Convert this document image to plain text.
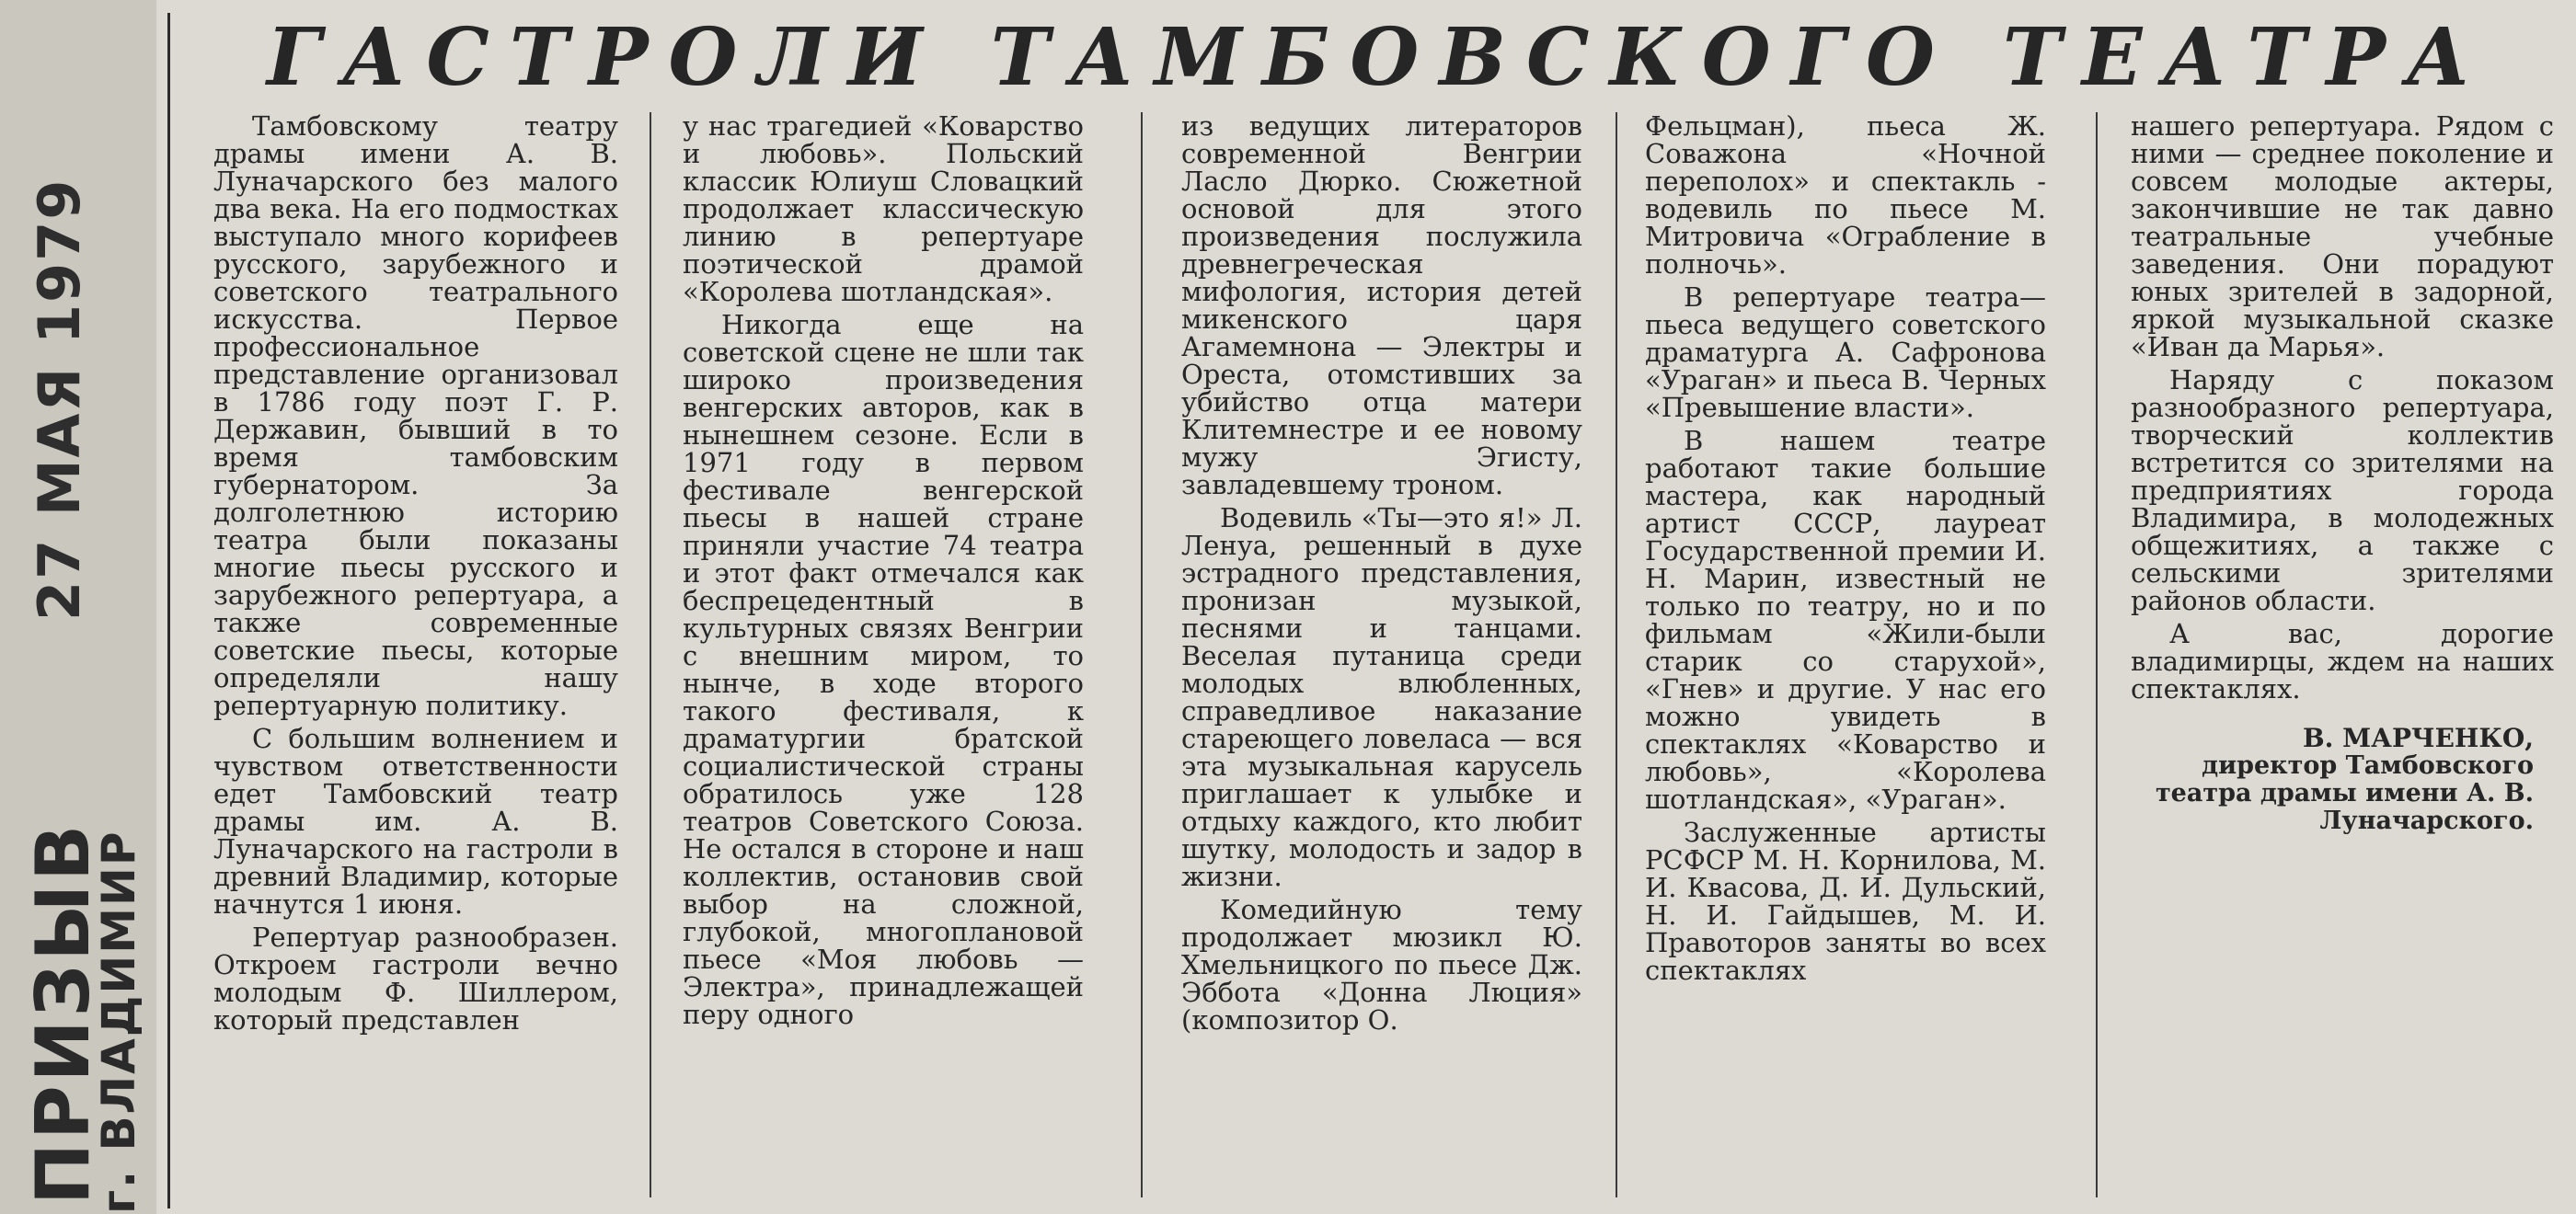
27 МАЯ 1979
ПРИЗЫВ
г. ВЛАДИМИР
ГАСТРОЛИ ТАМБОВСКОГО ТЕАТРА

Тамбовскому театру драмы имени А. В. Луначарского без малого два века. На его подмостках выступало много корифеев русского, зарубежного и советского театрального искусства. Первое профессиональное представление организовал в 1786 году поэт Г. Р. Державин, бывший в то время тамбовским губернатором. За долголетнюю историю театра были показаны многие пьесы русского и зарубежного репертуара, а также современные советские пьесы, которые определяли нашу репертуарную политику.

С большим волнением и чувством ответственности едет Тамбовский театр драмы им. А. В. Луначарского на гастроли в древний Владимир, которые начнутся 1 июня.

Репертуар разнообразен. Откроем гастроли вечно молодым Ф. Шиллером, который представлен

у нас трагедией «Коварство и любовь». Польский классик Юлиуш Словацкий продолжает классическую линию в репертуаре поэтической драмой «Королева шотландская».

Никогда еще на советской сцене не шли так широко произведения венгерских авторов, как в нынешнем сезоне. Если в 1971 году в первом фестивале венгерской пьесы в нашей стране приняли участие 74 театра и этот факт отмечался как беспрецедентный в культурных связях Венгрии с внешним миром, то нынче, в ходе второго такого фестиваля, к драматургии братской социалистической страны обратилось уже 128 театров Советского Союза. Не остался в стороне и наш коллектив, остановив свой выбор на сложной, глубокой, многоплановой пьесе «Моя любовь — Электра», принадлежащей перу одного

из ведущих литераторов современной Венгрии Ласло Дюрко. Сюжетной основой для этого произведения послужила древнегреческая мифология, история детей микенского царя Агамемнона — Электры и Ореста, отомстивших за убийство отца матери Клитемнестре и ее новому мужу Эгисту, завладевшему троном.

Водевиль «Ты—это я!» Л. Ленуа, решенный в духе эстрадного представления, пронизан музыкой, песнями и танцами. Веселая путаница среди молодых влюбленных, справедливое наказание стареющего ловеласа — вся эта музыкальная карусель приглашает к улыбке и отдыху каждого, кто любит шутку, молодость и задор в жизни.

Комедийную тему продолжает мюзикл Ю. Хмельницкого по пьесе Дж. Эббота «Донна Люция» (композитор О.

Фельцман), пьеса Ж. Соважона «Ночной переполох» и спектакль - водевиль по пьесе М. Митровича «Ограбление в полночь».

В репертуаре театра— пьеса ведущего советского драматурга А. Сафронова «Ураган» и пьеса В. Черных «Превышение власти».

В нашем театре работают такие большие мастера, как народный артист СССР, лауреат Государственной премии И. Н. Марин, известный не только по театру, но и по фильмам «Жили-были старик со старухой», «Гнев» и другие. У нас его можно увидеть в спектаклях «Коварство и любовь», «Королева шотландская», «Ураган».

Заслуженные артисты РСФСР М. Н. Корнилова, М. И. Квасова, Д. И. Дульский, Н. И. Гайдышев, М. И. Правоторов заняты во всех спектаклях

нашего репертуара. Рядом с ними — среднее поколение и совсем молодые актеры, закончившие не так давно театральные учебные заведения. Они порадуют юных зрителей в задорной, яркой музыкальной сказке «Иван да Марья».

Наряду с показом разнообразного репертуара, творческий коллектив встретится со зрителями на предприятиях города Владимира, в молодежных общежитиях, а также с сельскими зрителями районов области.

А вас, дорогие владимирцы, ждем на наших спектаклях.

В. МАРЧЕНКО,
директор Тамбовского театра драмы имени А. В. Луначарского.
